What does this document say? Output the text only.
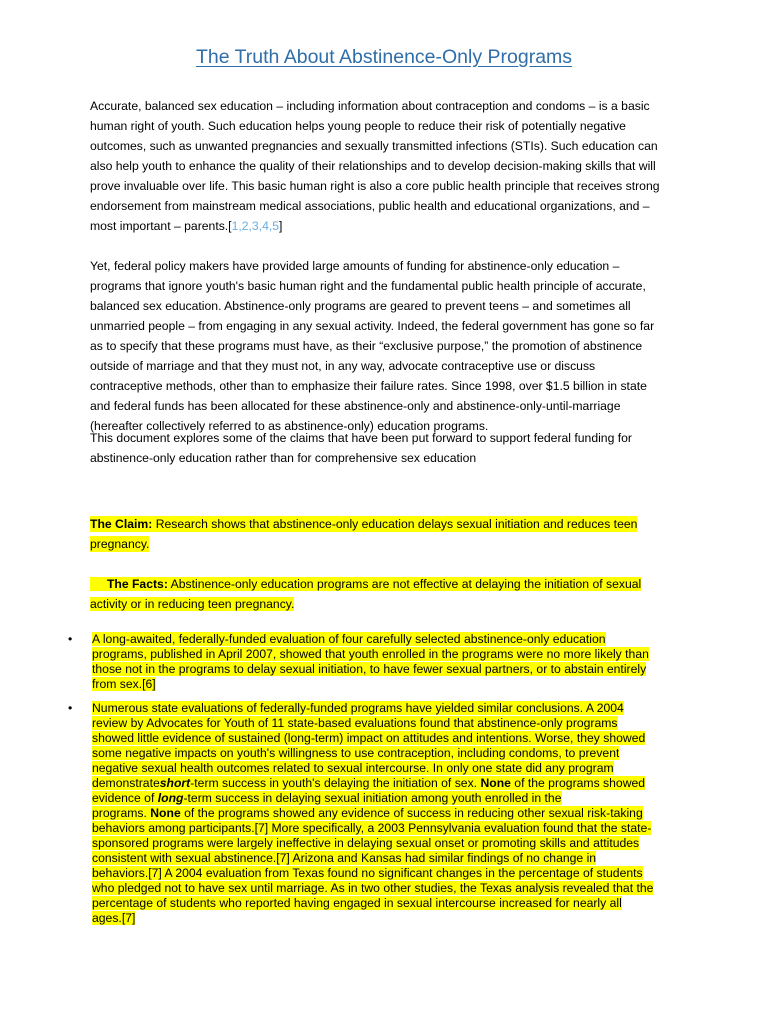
The Truth About Abstinence-Only Programs
Accurate, balanced sex education – including information about contraception and condoms – is a basic
human right of youth. Such education helps young people to reduce their risk of potentially negative
outcomes, such as unwanted pregnancies and sexually transmitted infections (STIs). Such education can
also help youth to enhance the quality of their relationships and to develop decision-making skills that will
prove invaluable over life. This basic human right is also a core public health principle that receives strong
endorsement from mainstream medical associations, public health and educational organizations, and –
most important – parents.[1,2,3,4,5]
Yet, federal policy makers have provided large amounts of funding for abstinence-only education –
programs that ignore youth's basic human right and the fundamental public health principle of accurate,
balanced sex education. Abstinence-only programs are geared to prevent teens – and sometimes all
unmarried people – from engaging in any sexual activity. Indeed, the federal government has gone so far
as to specify that these programs must have, as their “exclusive purpose,” the promotion of abstinence
outside of marriage and that they must not, in any way, advocate contraceptive use or discuss
contraceptive methods, other than to emphasize their failure rates. Since 1998, over $1.5 billion in state
and federal funds has been allocated for these abstinence-only and abstinence-only-until-marriage
(hereafter collectively referred to as abstinence-only) education programs.
This document explores some of the claims that have been put forward to support federal funding for
abstinence-only education rather than for comprehensive sex education
The Claim: Research shows that abstinence-only education delays sexual initiation and reduces teen
pregnancy.
The Facts: Abstinence-only education programs are not effective at delaying the initiation of sexual
activity or in reducing teen pregnancy.
• A long-awaited, federally-funded evaluation of four carefully selected abstinence-only education
programs, published in April 2007, showed that youth enrolled in the programs were no more likely than
those not in the programs to delay sexual initiation, to have fewer sexual partners, or to abstain entirely
from sex.[6]
• Numerous state evaluations of federally-funded programs have yielded similar conclusions. A 2004
review by Advocates for Youth of 11 state-based evaluations found that abstinence-only programs
showed little evidence of sustained (long-term) impact on attitudes and intentions. Worse, they showed
some negative impacts on youth's willingness to use contraception, including condoms, to prevent
negative sexual health outcomes related to sexual intercourse. In only one state did any program
demonstrateshort-term success in youth's delaying the initiation of sex. None of the programs showed
evidence of long-term success in delaying sexual initiation among youth enrolled in the
programs. None of the programs showed any evidence of success in reducing other sexual risk-taking
behaviors among participants.[7] More specifically, a 2003 Pennsylvania evaluation found that the state-
sponsored programs were largely ineffective in delaying sexual onset or promoting skills and attitudes
consistent with sexual abstinence.[7] Arizona and Kansas had similar findings of no change in
behaviors.[7] A 2004 evaluation from Texas found no significant changes in the percentage of students
who pledged not to have sex until marriage. As in two other studies, the Texas analysis revealed that the
percentage of students who reported having engaged in sexual intercourse increased for nearly all
ages.[7]
